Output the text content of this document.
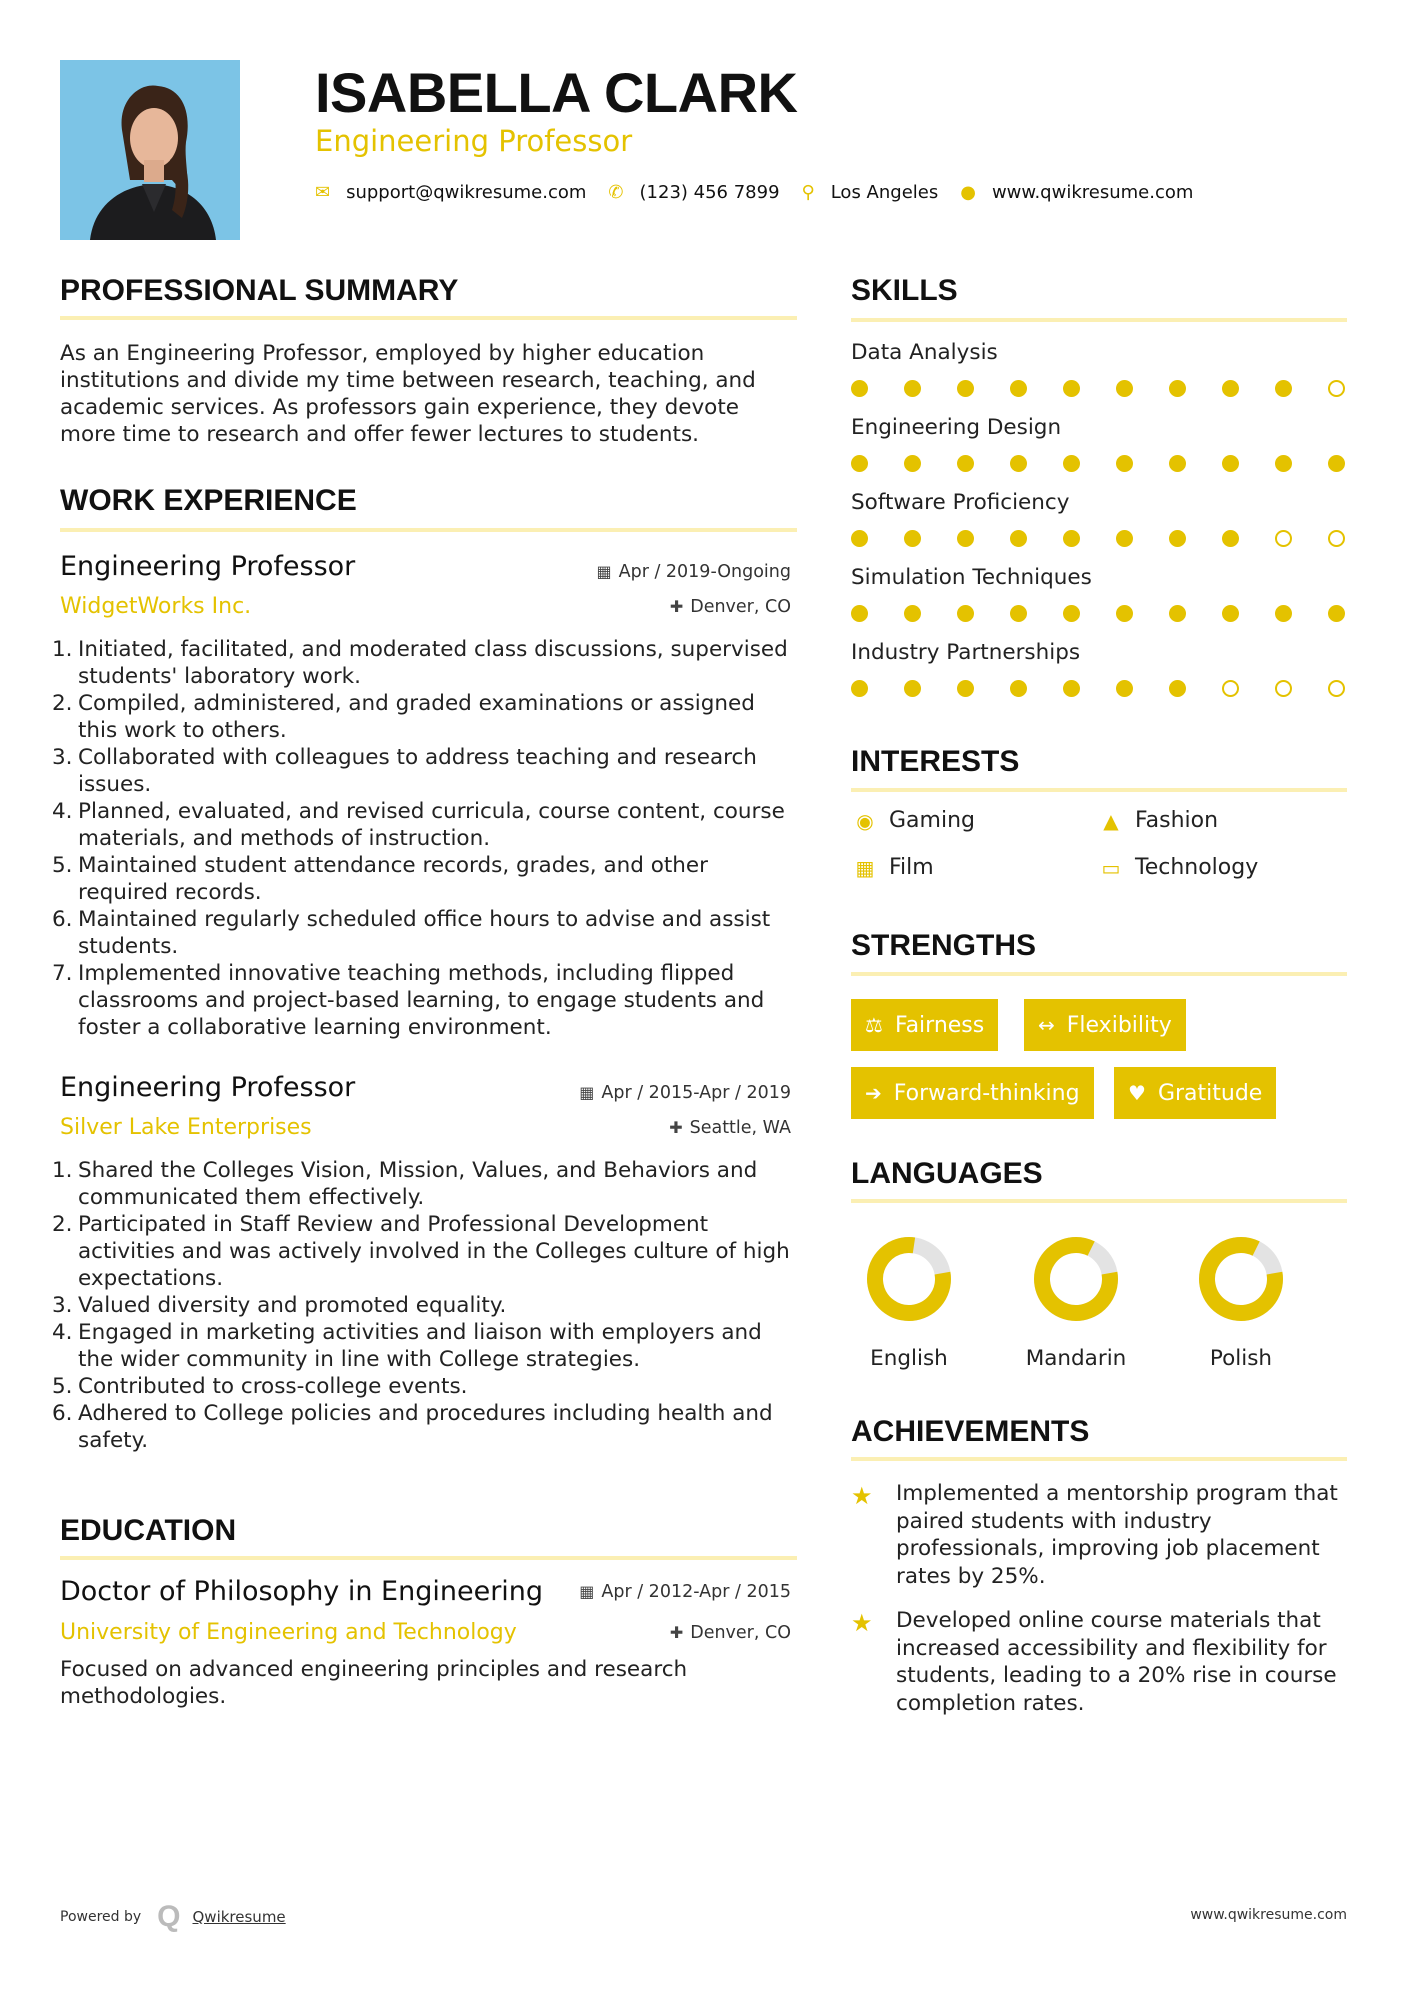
ISABELLA CLARK
Engineering Professor
✉ support@qwikresume.com ✆ (123) 456 7899 ⚲ Los Angeles ● www.qwikresume.com
PROFESSIONAL SUMMARY
As an Engineering Professor, employed by higher education institutions and divide my time between research, teaching, and academic services. As professors gain experience, they devote more time to research and offer fewer lectures to students.
WORK EXPERIENCE
Engineering Professor
WidgetWorks Inc.
▦ Apr / 2019-Ongoing
✚ Denver, CO
1. Initiated, facilitated, and moderated class discussions, supervised students' laboratory work.
2. Compiled, administered, and graded examinations or assigned this work to others.
3. Collaborated with colleagues to address teaching and research issues.
4. Planned, evaluated, and revised curricula, course content, course materials, and methods of instruction.
5. Maintained student attendance records, grades, and other required records.
6. Maintained regularly scheduled office hours to advise and assist students.
7. Implemented innovative teaching methods, including flipped classrooms and project-based learning, to engage students and foster a collaborative learning environment.
Engineering Professor
Silver Lake Enterprises
▦ Apr / 2015-Apr / 2019
✚ Seattle, WA
1. Shared the Colleges Vision, Mission, Values, and Behaviors and communicated them effectively.
2. Participated in Staff Review and Professional Development activities and was actively involved in the Colleges culture of high expectations.
3. Valued diversity and promoted equality.
4. Engaged in marketing activities and liaison with employers and the wider community in line with College strategies.
5. Contributed to cross-college events.
6. Adhered to College policies and procedures including health and safety.
EDUCATION
Doctor of Philosophy in Engineering
University of Engineering and Technology
▦ Apr / 2012-Apr / 2015
✚ Denver, CO
Focused on advanced engineering principles and research methodologies.
SKILLS
Data Analysis
Engineering Design
Software Proficiency
Simulation Techniques
Industry Partnerships
INTERESTS
◉ Gaming	▲ Fashion
▦ Film	▭ Technology
STRENGTHS
⚖ Fairness	↔ Flexibility
➔ Forward-thinking ♥ Gratitude
LANGUAGES
English	Mandarin	Polish
ACHIEVEMENTS
★ Implemented a mentorship program that paired students with industry professionals, improving job placement rates by 25%.
★ Developed online course materials that increased accessibility and flexibility for students, leading to a 20% rise in course completion rates.
Powered by Q Qwikresume	www.qwikresume.com
